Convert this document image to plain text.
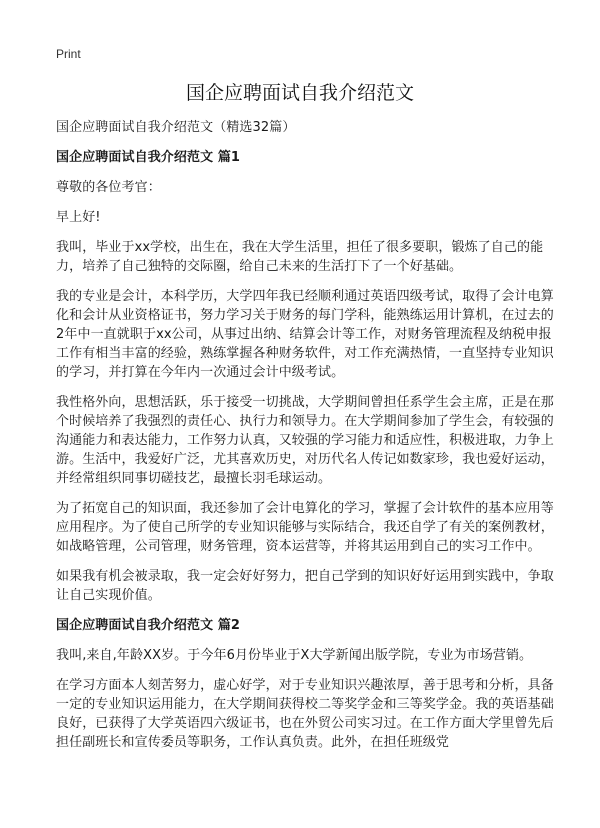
Print
国企应聘面试自我介绍范文

国企应聘面试自我介绍范文（精选32篇）

国企应聘面试自我介绍范文 篇1

尊敬的各位考官：

早上好!

我叫，毕业于xx学校，出生在，我在大学生活里，担任了很多要职，锻炼了自己的能力，培养了自己独特的交际圈，给自己未来的生活打下了一个好基础。

我的专业是会计，本科学历，大学四年我已经顺利通过英语四级考试，取得了会计电算化和会计从业资格证书，努力学习关于财务的每门学科，能熟练运用计算机，在过去的2年中一直就职于xx公司，从事过出纳、结算会计等工作，对财务管理流程及纳税申报工作有相当丰富的经验，熟练掌握各种财务软件，对工作充满热情，一直坚持专业知识的学习，并打算在今年内一次通过会计中级考试。

我性格外向，思想活跃，乐于接受一切挑战，大学期间曾担任系学生会主席，正是在那个时候培养了我强烈的责任心、执行力和领导力。在大学期间参加了学生会，有较强的沟通能力和表达能力，工作努力认真，又较强的学习能力和适应性，积极进取，力争上游。生活中，我爱好广泛，尤其喜欢历史，对历代名人传记如数家珍，我也爱好运动，并经常组织同事切磋技艺，最擅长羽毛球运动。

为了拓宽自己的知识面，我还参加了会计电算化的学习，掌握了会计软件的基本应用等应用程序。为了使自己所学的专业知识能够与实际结合，我还自学了有关的案例教材，如战略管理，公司管理，财务管理，资本运营等，并将其运用到自己的实习工作中。

如果我有机会被录取，我一定会好好努力，把自己学到的知识好好运用到实践中，争取让自己实现价值。

国企应聘面试自我介绍范文 篇2

我叫,来自,年龄XX岁。于今年6月份毕业于X大学新闻出版学院，专业为市场营销。

在学习方面本人刻苦努力，虚心好学，对于专业知识兴趣浓厚，善于思考和分析，具备一定的专业知识运用能力，在大学期间获得校二等奖学金和三等奖学金。我的英语基础良好，已获得了大学英语四六级证书，也在外贸公司实习过。在工作方面大学里曾先后担任副班长和宣传委员等职务，工作认真负责。此外，在担任班级党
